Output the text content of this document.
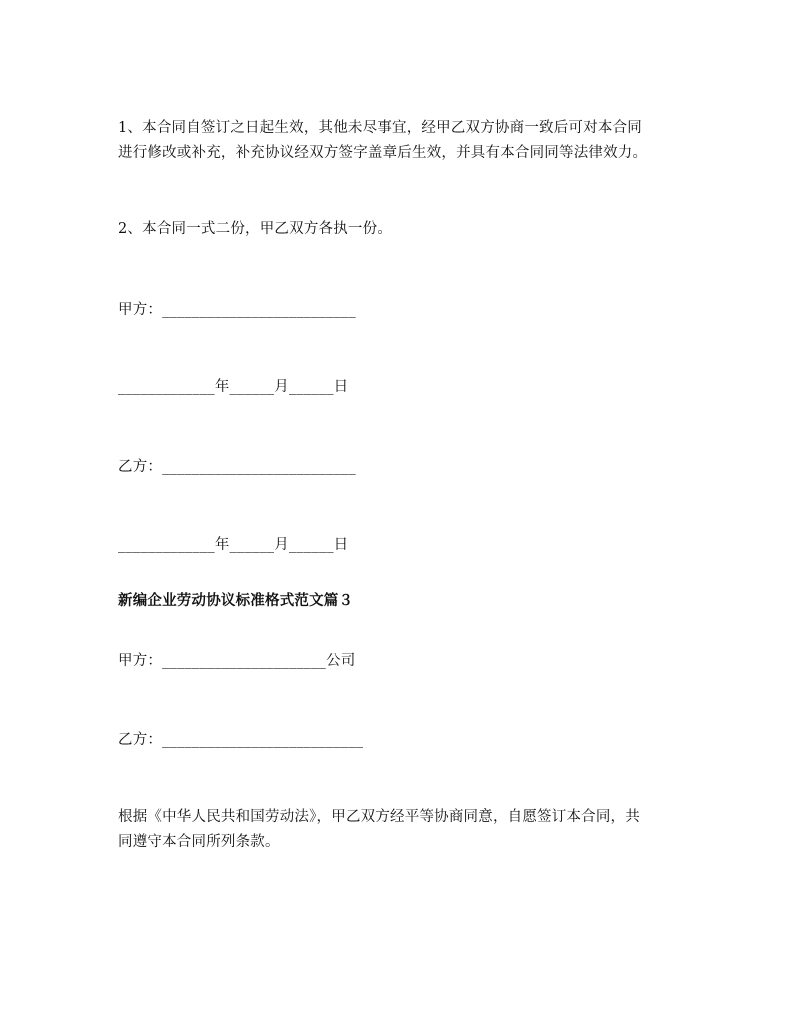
1、本合同自签订之日起生效，其他未尽事宜，经甲乙双方协商一致后可对本合同
进行修改或补充，补充协议经双方签字盖章后生效，并具有本合同同等法律效力。
2、本合同一式二份，甲乙双方各执一份。
甲方：__________________________
_____________年______月______日
乙方：__________________________
_____________年______月______日
新编企业劳动协议标准格式范文篇３
甲方：______________________公司
乙方：___________________________
根据《中华人民共和国劳动法》，甲乙双方经平等协商同意，自愿签订本合同，共
同遵守本合同所列条款。
